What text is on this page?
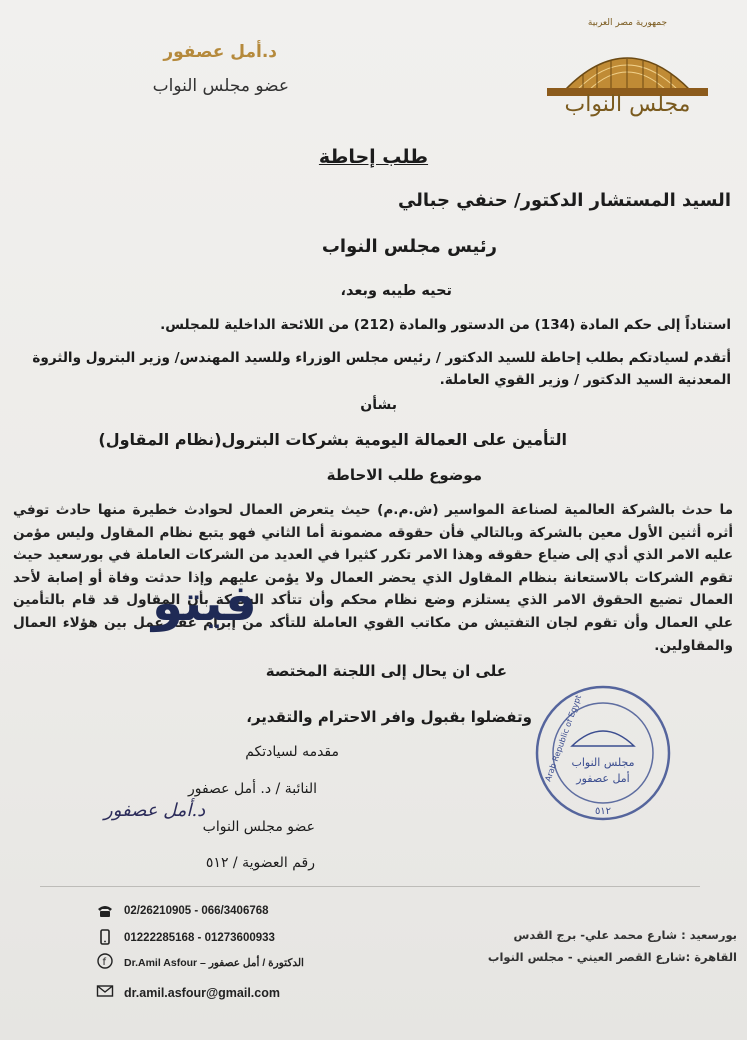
د.أمل عصفور
عضو مجلس النواب
جمهورية مصر العربية
مجلس النواب
طلب إحاطة
السيد المستشار الدكتور/ حنفي جبالي
رئيس مجلس النواب
تحيه طيبه وبعد،
استناداً إلى حكم المادة (134) من الدستور والمادة (212) من اللائحة الداخلية للمجلس.
أتقدم لسيادتكم بطلب إحاطة للسيد الدكتور / رئيس مجلس الوزراء وللسيد المهندس/ وزير البترول والثروة
المعدنية السيد الدكتور / وزير القوي العاملة.
بشأن
التأمين على العمالة اليومية بشركات البترول(نظام المقاول)
موضوع طلب الاحاطة
ما حدث بالشركة العالمية لصناعة المواسير (ش.م.م) حيث يتعرض العمال لحوادث خطيرة منها حادث توفي أثره أثنين الأول معين بالشركة وبالتالي فأن حقوقه مضمونة أما الثاني فهو يتبع نظام المقاول وليس مؤمن عليه الامر الذي أدي إلى ضياع حقوقه وهذا الامر تكرر كثيرا في العديد من الشركات العاملة في بورسعيد حيث تقوم الشركات بالاستعانة بنظام المقاول الذي يحضر العمال ولا يؤمن عليهم وإذا حدثت وفاة أو إصابة لأحد العمال تضيع الحقوق الامر الذي يستلزم وضع نظام محكم وأن تتأكد الشركة بأن المقاول قد قام بالتأمين علي العمال وأن تقوم لجان التفتيش من مكاتب القوي العاملة للتأكد من إبرام عقد عمل بين هؤلاء العمال والمقاولين.
فيتو
على ان يحال إلى اللجنة المختصة
وتفضلوا بقبول وافر الاحترام والتقدير،
مقدمه لسيادتكم
النائبة / د. أمل عصفور
عضو مجلس النواب
رقم العضوية / ٥١٢
د.أمل عصفور
مجلس النواب
أمل عصفور
٥١٢
Arab Republic of Egypt
02/26210905 - 066/3406768
01222285168 - 01273600933
f Dr.Amil Asfour – الدكتورة / أمل عصفور
dr.amil.asfour@gmail.com
بورسعيد : شارع محمد علي- برج القدس
القاهرة :شارع القصر العيني - مجلس النواب
